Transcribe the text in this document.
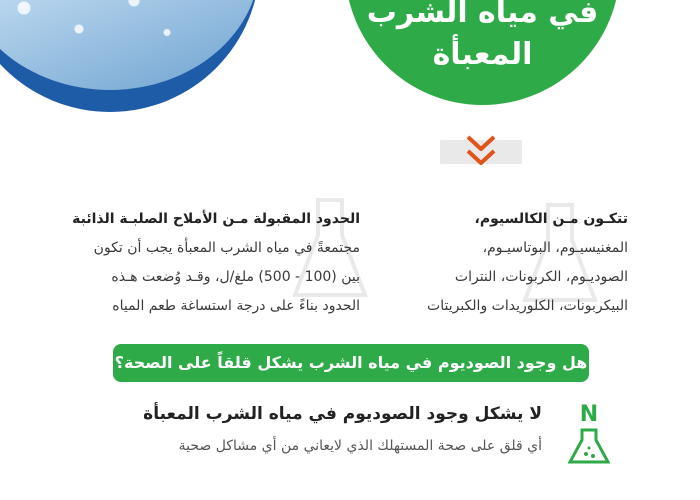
في مياه الشرب
المعبأة
تتكـون مـن الكالسيوم،
المغنيسيـوم، البوتاسيـوم،
الصوديـوم، الكربونات، النترات
البيكربونات، الكلوريدات والكبريتات
الحدود المقبولة مـن الأملاح الصلبـة الذائبة
مجتمعةً في مياه الشرب المعبأة يجب أن تكون
بين (100 - 500) ملغ/ل، وقـد وُضعت هـذه
الحدود بناءً على درجة استساغة طعم المياه
هل وجود الصوديوم في مياه الشرب يشكل قلقاً على الصحة؟
لا يشكل وجود الصوديوم في مياه الشرب المعبأة
أي قلق على صحة المستهلك الذي لايعاني من أي مشاكل صحية
N
